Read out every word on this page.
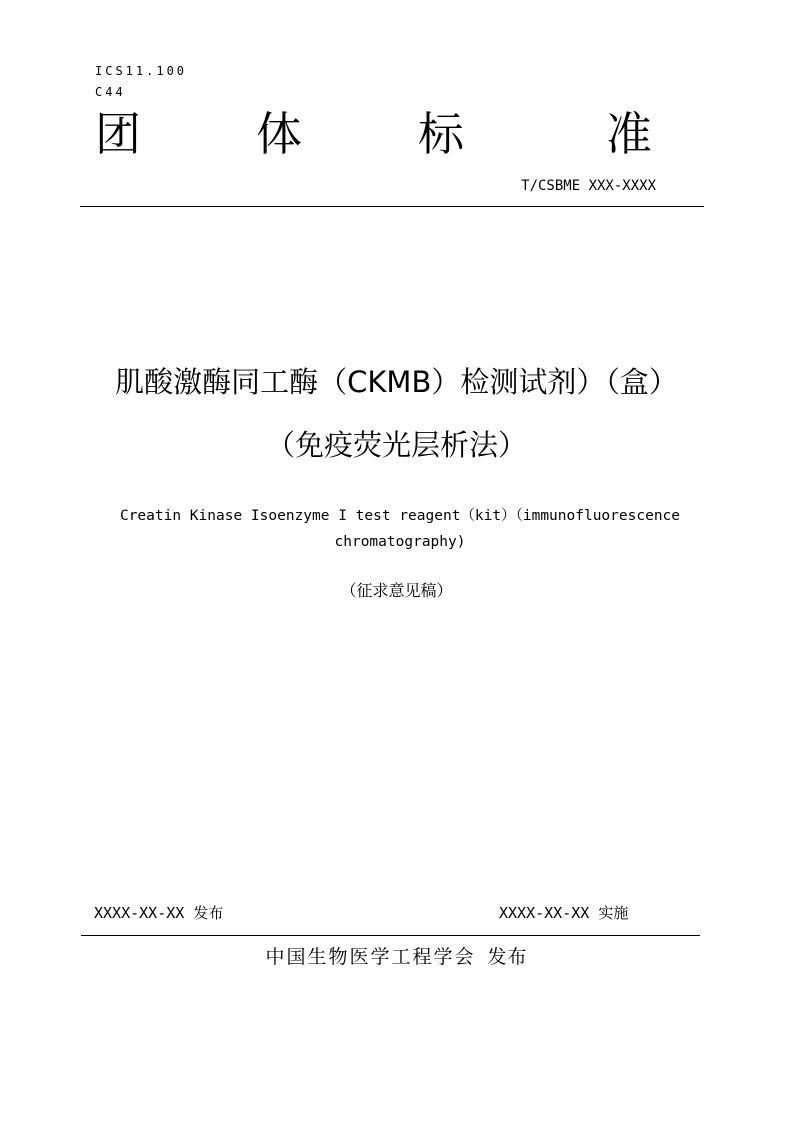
ICS11.100
C44
团	体	标	准
T/CSBME XXX-XXXX
肌酸激酶同工酶（CKMB）检测试剂）（盒）
（免疫荧光层析法）
Creatin Kinase Isoenzyme I test reagent（kit）（immunofluorescence
chromatography)
（征求意见稿）
XXXX-XX-XX 发布	XXXX-XX-XX 实施
中国生物医学工程学会 发布
